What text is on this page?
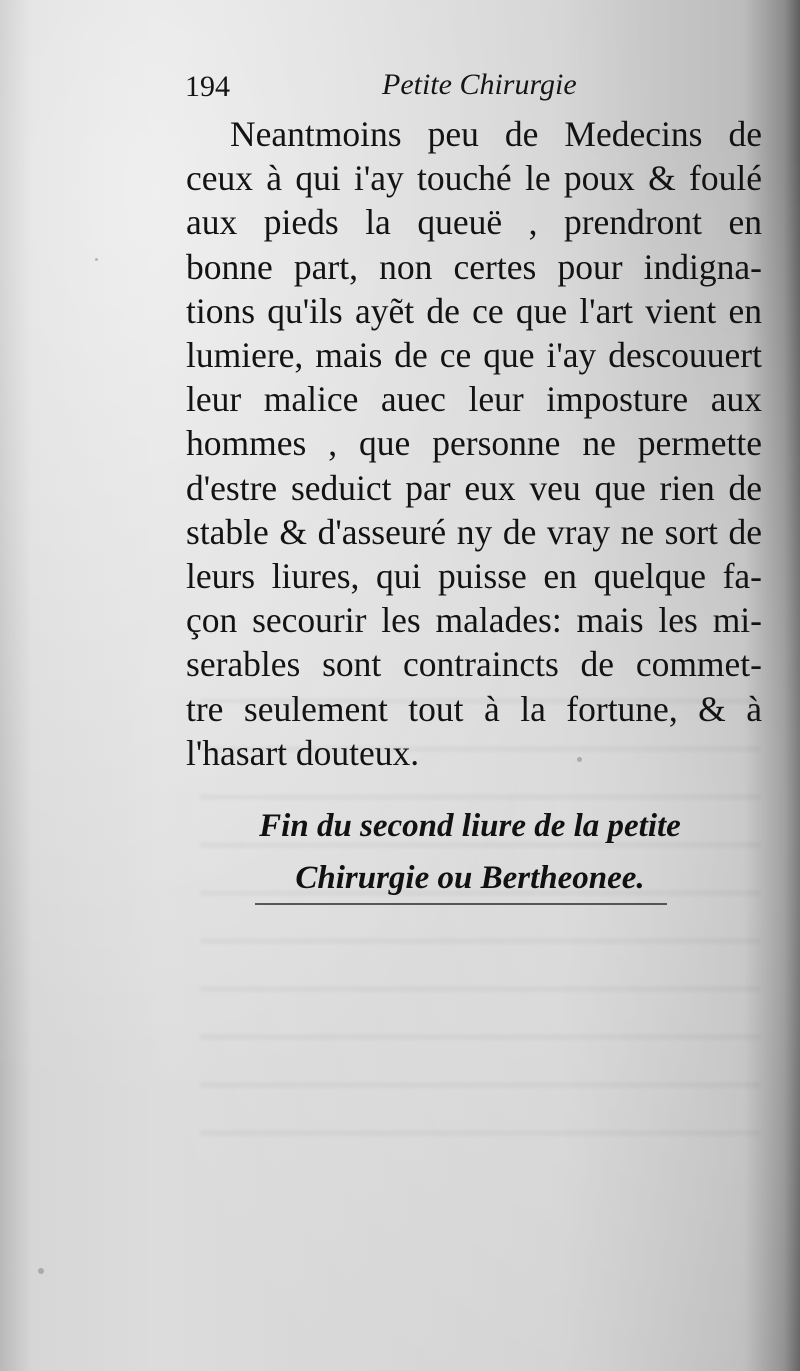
194	Petite Chirurgie
Neantmoins peu de Medecins de
ceux à qui i'ay touché le poux & foulé
aux pieds la queuë , prendront en
bonne part, non certes pour indigna-
tions qu'ils ayẽt de ce que l'art vient en
lumiere, mais de ce que i'ay descouuert
leur malice auec leur imposture aux
hommes , que personne ne permette
d'estre seduict par eux veu que rien de
stable & d'asseuré ny de vray ne sort de
leurs liures, qui puisse en quelque fa-
çon secourir les malades: mais les mi-
serables sont contraincts de commet-
tre seulement tout à la fortune, & à
l'hasart douteux.
Fin du second liure de la petite
Chirurgie ou Bertheonee.
